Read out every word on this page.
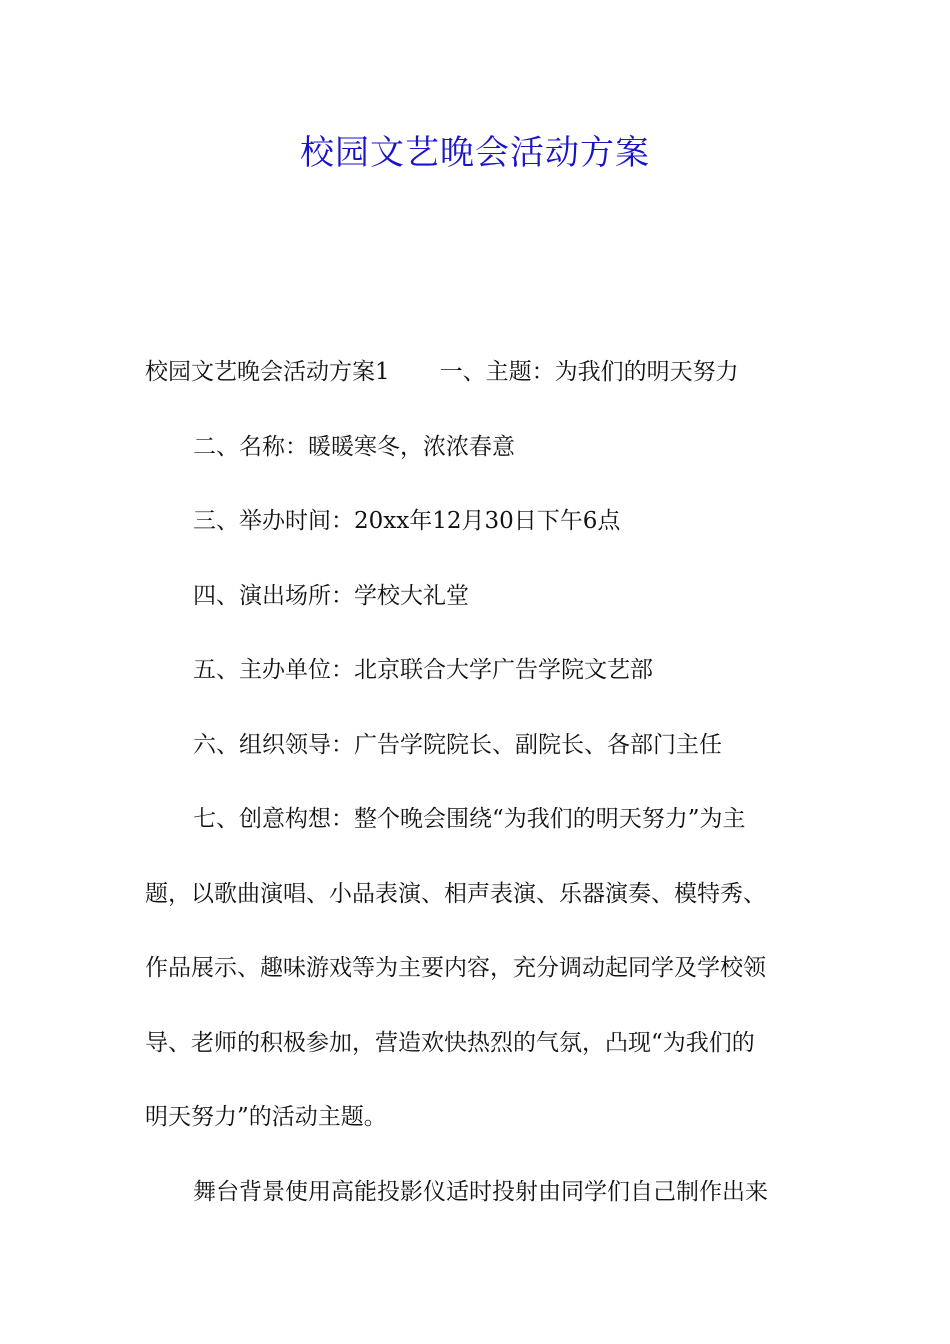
校园文艺晚会活动方案
校园文艺晚会活动方案1 一、主题：为我们的明天努力
二、名称：暖暖寒冬，浓浓春意
三、举办时间：20xx年12月30日下午6点
四、演出场所：学校大礼堂
五、主办单位：北京联合大学广告学院文艺部
六、组织领导：广告学院院长、副院长、各部门主任
七、创意构想：整个晚会围绕“为我们的明天努力”为主
题，以歌曲演唱、小品表演、相声表演、乐器演奏、模特秀、
作品展示、趣味游戏等为主要内容，充分调动起同学及学校领
导、老师的积极参加，营造欢快热烈的气氛，凸现“为我们的
明天努力”的活动主题。
舞台背景使用高能投影仪适时投射由同学们自己制作出来
